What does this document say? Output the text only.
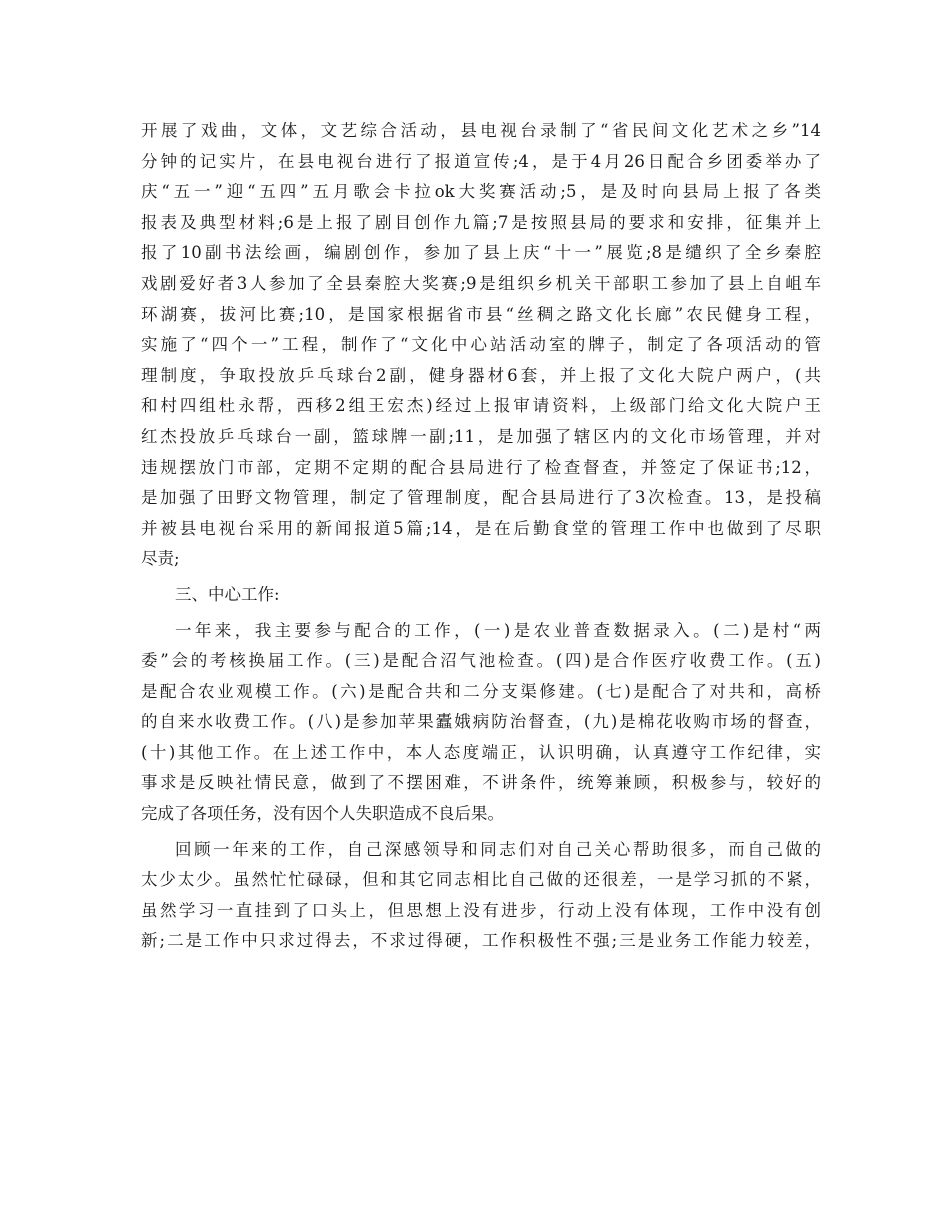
开展了戏曲，文体，文艺综合活动，县电视台录制了“省民间文化艺术之乡”14
分钟的记实片，在县电视台进行了报道宣传;4，是于4月26日配合乡团委举办了
庆“五一”迎“五四”五月歌会卡拉ok大奖赛活动;5，是及时向县局上报了各类
报表及典型材料;6是上报了剧目创作九篇;7是按照县局的要求和安排，征集并上
报了10副书法绘画，编剧创作，参加了县上庆“十一”展览;8是缱织了全乡秦腔
戏剧爱好者3人参加了全县秦腔大奖赛;9是组织乡机关干部职工参加了县上自岨车
环湖赛，拔河比赛;10，是国家根据省市县“丝稠之路文化长廊”农民健身工程，
实施了“四个一”工程，制作了“文化中心站活动室的牌子，制定了各项活动的管
理制度，争取投放乒乓球台2副，健身器材6套，并上报了文化大院户两户，(共
和村四组杜永帮，西移2组王宏杰)经过上报审请资料，上级部门给文化大院户王
红杰投放乒乓球台一副，篮球牌一副;11，是加强了辖区内的文化市场管理，并对
违规摆放门市部，定期不定期的配合县局进行了检查督查，并签定了保证书;12，
是加强了田野文物管理，制定了管理制度，配合县局进行了3次检查。13，是投稿
并被县电视台采用的新闻报道5篇;14，是在后勤食堂的管理工作中也做到了尽职
尽责;
三、中心工作:
一年来，我主要参与配合的工作，(一)是农业普查数据录入。(二)是村“两
委”会的考核换届工作。(三)是配合沼气池检查。(四)是合作医疗收费工作。(五)
是配合农业观模工作。(六)是配合共和二分支渠修建。(七)是配合了对共和，高桥
的自来水收费工作。(八)是参加苹果蠹娥病防治督查，(九)是棉花收购市场的督查，
(十)其他工作。在上述工作中，本人态度端正，认识明确，认真遵守工作纪律，实
事求是反映社情民意，做到了不摆困难，不讲条件，统筹兼顾，积极参与，较好的
完成了各项任务，没有因个人失职造成不良后果。
回顾一年来的工作，自己深感领导和同志们对自己关心帮助很多，而自己做的
太少太少。虽然忙忙碌碌，但和其它同志相比自己做的还很差，一是学习抓的不紧，
虽然学习一直挂到了口头上，但思想上没有进步，行动上没有体现，工作中没有创
新;二是工作中只求过得去，不求过得硬，工作积极性不强;三是业务工作能力较差，
